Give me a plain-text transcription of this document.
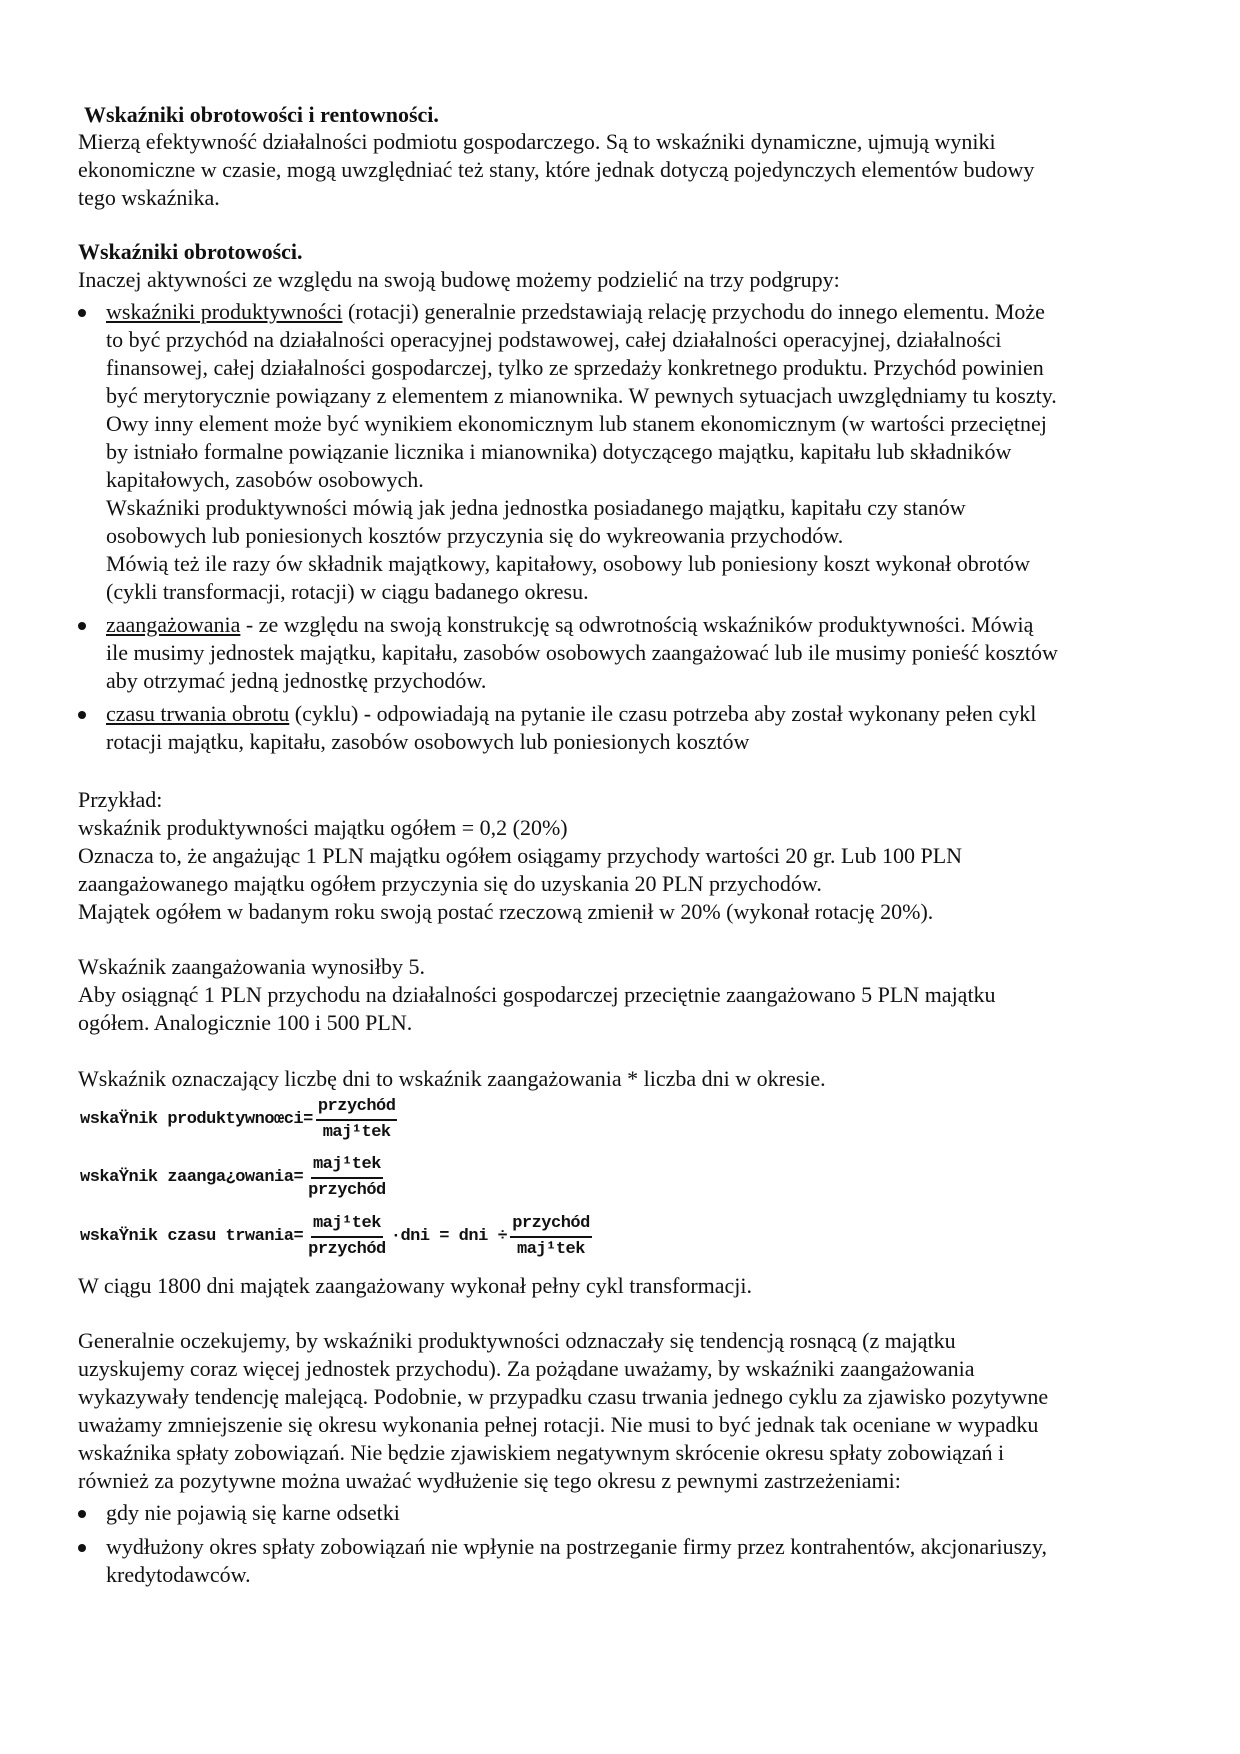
Wskaźniki obrotowości i rentowności.
Mierzą efektywność działalności podmiotu gospodarczego. Są to wskaźniki dynamiczne, ujmują wyniki
ekonomiczne w czasie, mogą uwzględniać też stany, które jednak dotyczą pojedynczych elementów budowy
tego wskaźnika.
Wskaźniki obrotowości.
Inaczej aktywności ze względu na swoją budowę możemy podzielić na trzy podgrupy:
wskaźniki produktywności (rotacji) generalnie przedstawiają relację przychodu do innego elementu. Może
to być przychód na działalności operacyjnej podstawowej, całej działalności operacyjnej, działalności
finansowej, całej działalności gospodarczej, tylko ze sprzedaży konkretnego produktu. Przychód powinien
być merytorycznie powiązany z elementem z mianownika. W pewnych sytuacjach uwzględniamy tu koszty.
Owy inny element może być wynikiem ekonomicznym lub stanem ekonomicznym (w wartości przeciętnej
by istniało formalne powiązanie licznika i mianownika) dotyczącego majątku, kapitału lub składników
kapitałowych, zasobów osobowych.
Wskaźniki produktywności mówią jak jedna jednostka posiadanego majątku, kapitału czy stanów
osobowych lub poniesionych kosztów przyczynia się do wykreowania przychodów.
Mówią też ile razy ów składnik majątkowy, kapitałowy, osobowy lub poniesiony koszt wykonał obrotów
(cykli transformacji, rotacji) w ciągu badanego okresu.
zaangażowania - ze względu na swoją konstrukcję są odwrotnością wskaźników produktywności. Mówią
ile musimy jednostek majątku, kapitału, zasobów osobowych zaangażować lub ile musimy ponieść kosztów
aby otrzymać jedną jednostkę przychodów.
czasu trwania obrotu (cyklu) - odpowiadają na pytanie ile czasu potrzeba aby został wykonany pełen cykl
rotacji majątku, kapitału, zasobów osobowych lub poniesionych kosztów
Przykład:
wskaźnik produktywności majątku ogółem = 0,2 (20%)
Oznacza to, że angażując 1 PLN majątku ogółem osiągamy przychody wartości 20 gr. Lub 100 PLN
zaangażowanego majątku ogółem przyczynia się do uzyskania 20 PLN przychodów.
Majątek ogółem w badanym roku swoją postać rzeczową zmienił w 20% (wykonał rotację 20%).
Wskaźnik zaangażowania wynosiłby 5.
Aby osiągnąć 1 PLN przychodu na działalności gospodarczej przeciętnie zaangażowano 5 PLN majątku
ogółem. Analogicznie 100 i 500 PLN.
Wskaźnik oznaczający liczbę dni to wskaźnik zaangażowania * liczba dni w okresie.
wskaŸnik produktywnoœci = $\frac{\text{przychód}}{\text{maj¹tek}}$
wskaŸnik zaanga¿owania = $\frac{\text{maj¹tek}}{\text{przychód}}$
wskaŸnik czasu trwania = $\frac{\text{maj¹tek}}{\text{przychód}} \cdot dni$ = dni ÷ $\frac{\text{przychód}}{\text{maj¹tek}}$
W ciągu 1800 dni majątek zaangażowany wykonał pełny cykl transformacji.
Generalnie oczekujemy, by wskaźniki produktywności odznaczały się tendencją rosnącą (z majątku
uzyskujemy coraz więcej jednostek przychodu). Za pożądane uważamy, by wskaźniki zaangażowania
wykazywały tendencję malejącą. Podobnie, w przypadku czasu trwania jednego cyklu za zjawisko pozytywne
uważamy zmniejszenie się okresu wykonania pełnej rotacji. Nie musi to być jednak tak oceniane w wypadku
wskaźnika spłaty zobowiązań. Nie będzie zjawiskiem negatywnym skrócenie okresu spłaty zobowiązań i
również za pozytywne można uważać wydłużenie się tego okresu z pewnymi zastrzeżeniami:
gdy nie pojawią się karne odsetki
wydłużony okres spłaty zobowiązań nie wpłynie na postrzeganie firmy przez kontrahentów, akcjonariuszy,
kredytodawców.
